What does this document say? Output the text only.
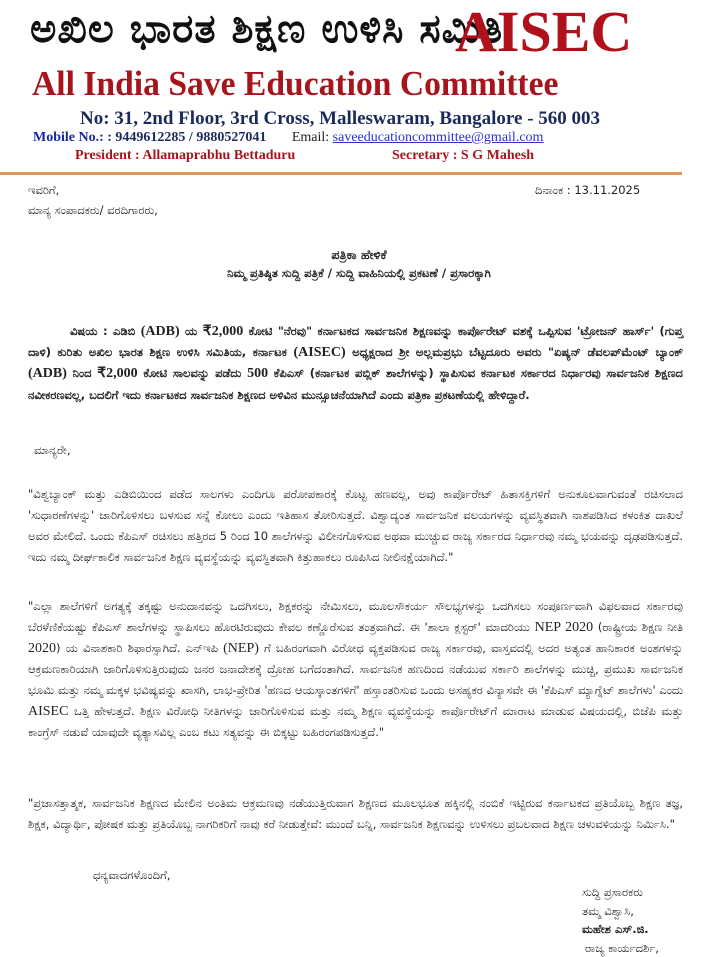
ಅಖಿಲ ಭಾರತ ಶಿಕ್ಷಣ ಉಳಿಸಿ ಸಮಿತಿ
AISEC
All India Save Education Committee
No: 31, 2nd Floor, 3rd Cross, Malleswaram, Bangalore - 560 003
Mobile No.: : 9449612285 / 9880527041 Email: saveeducationcommittee@gmail.com
President : Allamaprabhu Bettaduru	Secretary : S G Mahesh
ಇವರಿಗೆ,
ಮಾನ್ಯ ಸಂಪಾದಕರು/ ವರದಿಗಾರರು,
ದಿನಾಂಕ : 13.11.2025
ಪತ್ರಿಕಾ ಹೇಳಿಕೆ
ನಿಮ್ಮ ಪ್ರತಿಷ್ಠಿತ ಸುದ್ದಿ ಪತ್ರಿಕೆ / ಸುದ್ದಿ ವಾಹಿನಿಯಲ್ಲಿ ಪ್ರಕಟಣೆ / ಪ್ರಸಾರಕ್ಕಾಗಿ
ವಿಷಯ : ಎಡಿಬಿ (ADB) ಯ ₹2,000 ಕೋಟಿ "ನೆರವು" ಕರ್ನಾಟಕದ ಸಾರ್ವಜನಿಕ ಶಿಕ್ಷಣವನ್ನು ಕಾರ್ಪೊರೇಟ್ ವಶಕ್ಕೆ ಒಪ್ಪಿಸುವ 'ಟ್ರೋಜನ್ ಹಾರ್ಸ್' (ಗುಪ್ತ ದಾಳಿ) ಕುರಿತು ಅಖಿಲ ಭಾರತ ಶಿಕ್ಷಣ ಉಳಿಸಿ ಸಮಿತಿಯ, ಕರ್ನಾಟಕ (AISEC) ಅಧ್ಯಕ್ಷರಾದ ಶ್ರೀ ಅಲ್ಲಮಪ್ರಭು ಬೆಟ್ಟದೂರು ಅವರು "ಏಷ್ಯನ್ ಡೆವಲಪ್‌ಮೆಂಟ್ ಬ್ಯಾಂಕ್ (ADB) ನಿಂದ ₹2,000 ಕೋಟಿ ಸಾಲವನ್ನು ಪಡೆದು 500 ಕೆಪಿಎಸ್ (ಕರ್ನಾಟಕ ಪಬ್ಲಿಕ್ ಶಾಲೆಗಳನ್ನು) ಸ್ಥಾಪಿಸುವ ಕರ್ನಾಟಕ ಸರ್ಕಾರದ ನಿರ್ಧಾರವು ಸಾರ್ವಜನಿಕ ಶಿಕ್ಷಣದ ನವೀಕರಣವಲ್ಲ, ಬದಲಿಗೆ ಇದು ಕರ್ನಾಟಕದ ಸಾರ್ವಜನಿಕ ಶಿಕ್ಷಣದ ಅಳಿವಿನ ಮುನ್ಸೂಚನೆಯಾಗಿದೆ ಎಂದು ಪತ್ರಿಕಾ ಪ್ರಕಟಣೆಯಲ್ಲಿ ಹೇಳಿದ್ದಾರೆ.
ಮಾನ್ಯರೇ,
"ವಿಶ್ವಬ್ಯಾಂಕ್ ಮತ್ತು ಎಡಿಬಿಯಿಂದ ಪಡೆದ ಸಾಲಗಳು ಎಂದಿಗೂ ಪರೋಪಕಾರಕ್ಕೆ ಕೊಟ್ಟ ಹಣವಲ್ಲ, ಅವು ಕಾರ್ಪೊರೇಟ್ ಹಿತಾಸಕ್ತಿಗಳಿಗೆ ಅನುಕೂಲವಾಗುವಂತೆ ರಚಿಸಲಾದ 'ಸುಧಾರಣೆಗಳನ್ನು' ಜಾರಿಗೊಳಿಸಲು ಬಳಸುವ ಸನ್ನೆ ಕೋಲು ಎಂದು ಇತಿಹಾಸ ತೋರಿಸುತ್ತದೆ. ವಿಶ್ವಾದ್ಯಂತ ಸಾರ್ವಜನಿಕ ವಲಯಗಳನ್ನು ವ್ಯವಸ್ಥಿತವಾಗಿ ನಾಶಪಡಿಸಿದ ಕಳಂಕಿತ ದಾಖಲೆ ಅವರ ಮೇಲಿದೆ. ಒಂದು ಕೆಪಿಎಸ್ ರಚಿಸಲು ಹತ್ತಿರದ 5 ರಿಂದ 10 ಶಾಲೆಗಳನ್ನು ವಿಲೀನಗೊಳಿಸುವ ಅಥವಾ ಮುಚ್ಚುವ ರಾಜ್ಯ ಸರ್ಕಾರದ ನಿರ್ಧಾರವು ನಮ್ಮ ಭಯವನ್ನು ದೃಢಪಡಿಸುತ್ತದೆ. ಇದು ನಮ್ಮ ದೀರ್ಘಕಾಲಿಕ ಸಾರ್ವಜನಿಕ ಶಿಕ್ಷಣ ವ್ಯವಸ್ಥೆಯನ್ನು ವ್ಯವಸ್ಥಿತವಾಗಿ ಕಿತ್ತುಹಾಕಲು ರೂಪಿಸಿದ ನೀಲಿನಕ್ಷೆಯಾಗಿದೆ."
"ಎಲ್ಲಾ ಶಾಲೆಗಳಿಗೆ ಅಗತ್ಯಕ್ಕೆ ತಕ್ಕಷ್ಟು ಅನುದಾನವನ್ನು ಒದಗಿಸಲು, ಶಿಕ್ಷಕರನ್ನು ನೇಮಿಸಲು, ಮೂಲಸೌಕರ್ಯ ಸೌಲಭ್ಯಗಳನ್ನು ಒದಗಿಸಲು ಸಂಪೂರ್ಣವಾಗಿ ವಿಫಲವಾದ ಸರ್ಕಾರವು ಬೆರಳೆಣಿಕೆಯಷ್ಟು ಕೆಪಿಎಸ್ ಶಾಲೆಗಳನ್ನು ಸ್ಥಾಪಿಸಲು ಹೊರಟಿರುವುದು ಕೇವಲ ಕಣ್ಣೊರೆಸುವ ತಂತ್ರವಾಗಿದೆ. ಈ 'ಶಾಲಾ ಕ್ಲಸ್ಟರ್' ಮಾದರಿಯು NEP 2020 (ರಾಷ್ಟ್ರೀಯ ಶಿಕ್ಷಣ ನೀತಿ 2020) ಯ ವಿನಾಶಕಾರಿ ಶಿಫಾರಸ್ಸಾಗಿದೆ. ಎನ್‌ಇಪಿ (NEP) ಗೆ ಬಹಿರಂಗವಾಗಿ ವಿರೋಧ ವ್ಯಕ್ತಪಡಿಸುವ ರಾಜ್ಯ ಸರ್ಕಾರವು, ವಾಸ್ತವದಲ್ಲಿ ಅದರ ಅತ್ಯಂತ ಹಾನಿಕಾರಕ ಅಂಶಗಳನ್ನು ಆಕ್ರಮಣಕಾರಿಯಾಗಿ ಜಾರಿಗೊಳಿಸುತ್ತಿರುವುದು ಜನರ ಜನಾದೇಶಕ್ಕೆ ದ್ರೋಹ ಬಗೆದಂತಾಗಿದೆ. ಸಾರ್ವಜನಿಕ ಹಣದಿಂದ ನಡೆಯುವ ಸರ್ಕಾರಿ ಶಾಲೆಗಳನ್ನು ಮುಚ್ಚಿ, ಪ್ರಮುಖ ಸಾರ್ವಜನಿಕ ಭೂಮಿ ಮತ್ತು ನಮ್ಮ ಮಕ್ಕಳ ಭವಿಷ್ಯವನ್ನು ಖಾಸಗಿ, ಲಾಭ-ಪ್ರೇರಿತ 'ಹಣದ ಆಯಸ್ಕಾಂತಗಳಿಗೆ' ಹಸ್ತಾಂತರಿಸುವ ಒಂದು ಅಸಹ್ಯಕರ ವಿನ್ಯಾಸವೇ ಈ 'ಕೆಪಿಎಸ್ ಮ್ಯಾಗ್ನೆಟ್ ಶಾಲೆಗಳು' ಎಂದು AISEC ಒತ್ತಿ ಹೇಳುತ್ತದೆ. ಶಿಕ್ಷಣ ವಿರೋಧಿ ನೀತಿಗಳನ್ನು ಜಾರಿಗೊಳಿಸುವ ಮತ್ತು ನಮ್ಮ ಶಿಕ್ಷಣ ವ್ಯವಸ್ಥೆಯನ್ನು ಕಾರ್ಪೊರೇಟ್‌ಗೆ ಮಾರಾಟ ಮಾಡುವ ವಿಷಯದಲ್ಲಿ, ಬಿಜೆಪಿ ಮತ್ತು ಕಾಂಗ್ರೆಸ್ ನಡುವೆ ಯಾವುದೇ ವ್ಯತ್ಯಾಸವಿಲ್ಲ ಎಂಬ ಕಟು ಸತ್ಯವನ್ನು ಈ ಬಿಕ್ಕಟ್ಟು ಬಹಿರಂಗಪಡಿಸುತ್ತದೆ."
"ಪ್ರಜಾಸತ್ತಾತ್ಮಕ, ಸಾರ್ವಜನಿಕ ಶಿಕ್ಷಣದ ಮೇಲಿನ ಅಂತಿಮ ಆಕ್ರಮಣವು ನಡೆಯುತ್ತಿರುವಾಗ ಶಿಕ್ಷಣದ ಮೂಲಭೂತ ಹಕ್ಕಿನಲ್ಲಿ ನಂಬಿಕೆ ಇಟ್ಟಿರುವ ಕರ್ನಾಟಕದ ಪ್ರತಿಯೊಬ್ಬ ಶಿಕ್ಷಣ ತಜ್ಞ, ಶಿಕ್ಷಕ, ವಿದ್ಯಾರ್ಥಿ, ಪೋಷಕ ಮತ್ತು ಪ್ರತಿಯೊಬ್ಬ ನಾಗರಿಕರಿಗೆ ನಾವು ಕರೆ ನೀಡುತ್ತೇವೆ: ಮುಂದೆ ಬನ್ನಿ, ಸಾರ್ವಜನಿಕ ಶಿಕ್ಷಣವನ್ನು ಉಳಿಸಲು ಪ್ರಬಲವಾದ ಶಿಕ್ಷಣ ಚಳುವಳಿಯನ್ನು ನಿರ್ಮಿಸಿ."
ಧನ್ಯವಾದಗಳೊಂದಿಗೆ,
ಸುದ್ದಿ ಪ್ರಸಾರಕರು
ತಮ್ಮ ವಿಶ್ವಾಸಿ,
ಮಹೇಶ ಎಸ್.ಜಿ.
ರಾಜ್ಯ ಕಾರ್ಯದರ್ಶಿ,
